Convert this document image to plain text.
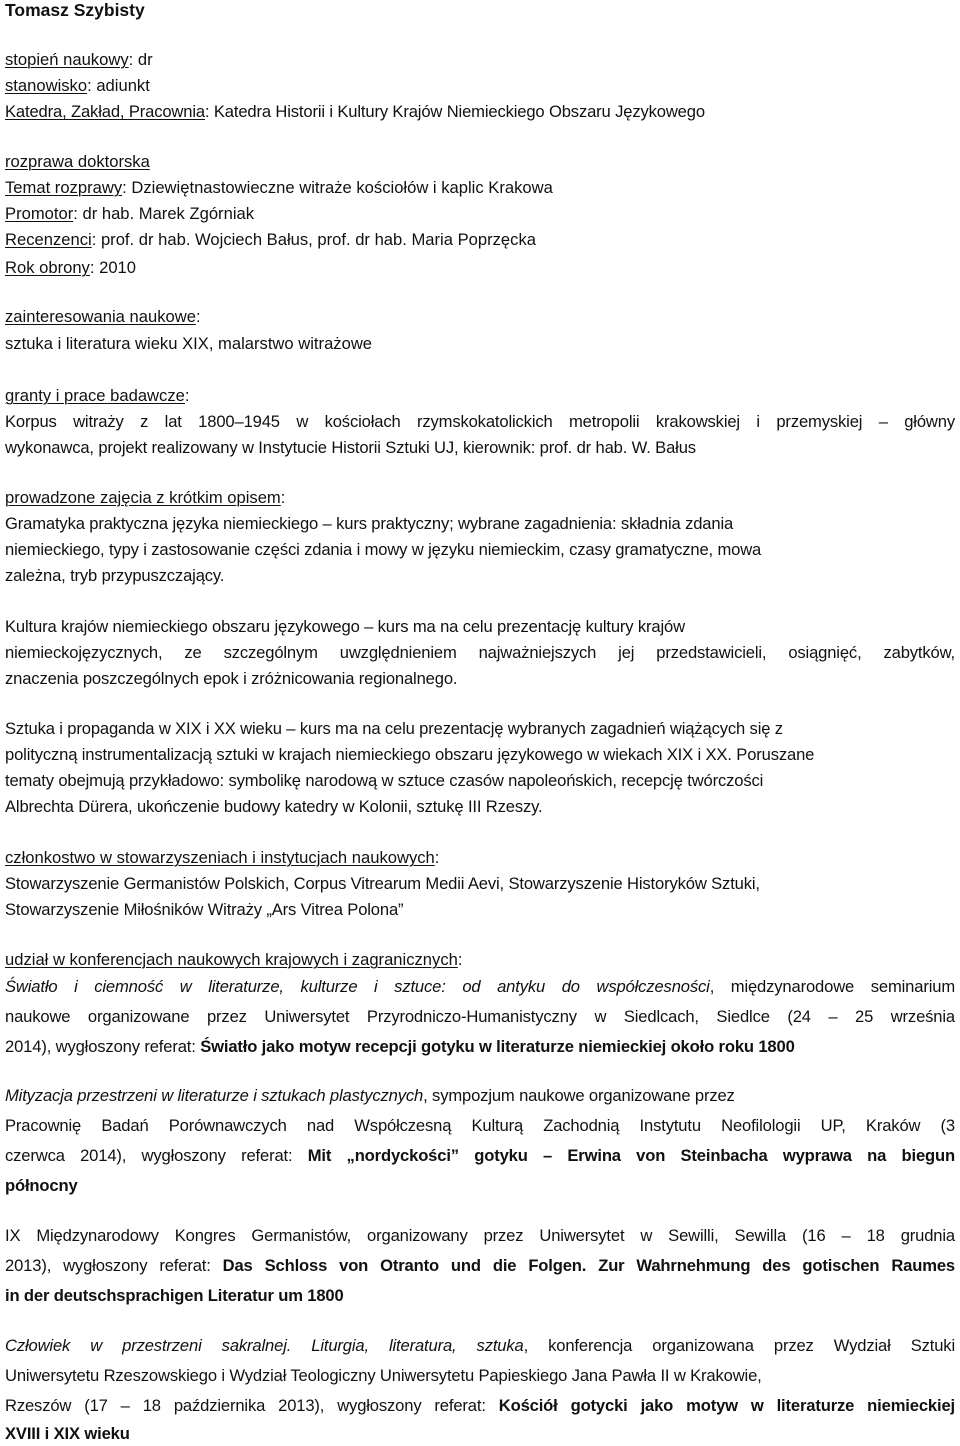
Tomasz Szybisty
stopień naukowy: dr
stanowisko: adiunkt
Katedra, Zakład, Pracownia: Katedra Historii i Kultury Krajów Niemieckiego Obszaru Językowego
rozprawa doktorska
Temat rozprawy: Dziewiętnastowieczne witraże kościołów i kaplic Krakowa
Promotor: dr hab. Marek Zgórniak
Recenzenci: prof. dr hab. Wojciech Bałus, prof. dr hab. Maria Poprzęcka
Rok obrony: 2010
zainteresowania naukowe:
sztuka i literatura wieku XIX, malarstwo witrażowe
granty i prace badawcze:
Korpus witraży z lat 1800–1945 w kościołach rzymskokatolickich metropolii krakowskiej i przemyskiej – główny
wykonawca, projekt realizowany w Instytucie Historii Sztuki UJ, kierownik: prof. dr hab. W. Bałus
prowadzone zajęcia z krótkim opisem:
Gramatyka praktyczna języka niemieckiego – kurs praktyczny; wybrane zagadnienia: składnia zdania
niemieckiego, typy i zastosowanie części zdania i mowy w języku niemieckim, czasy gramatyczne, mowa
zależna, tryb przypuszczający.
Kultura krajów niemieckiego obszaru językowego – kurs ma na celu prezentację kultury krajów
niemieckojęzycznych, ze szczególnym uwzględnieniem najważniejszych jej przedstawicieli, osiągnięć, zabytków,
znaczenia poszczególnych epok i zróżnicowania regionalnego.
Sztuka i propaganda w XIX i XX wieku – kurs ma na celu prezentację wybranych zagadnień wiążących się z
polityczną instrumentalizacją sztuki w krajach niemieckiego obszaru językowego w wiekach XIX i XX. Poruszane
tematy obejmują przykładowo: symbolikę narodową w sztuce czasów napoleońskich, recepcję twórczości
Albrechta Dürera, ukończenie budowy katedry w Kolonii, sztukę III Rzeszy.
członkostwo w stowarzyszeniach i instytucjach naukowych:
Stowarzyszenie Germanistów Polskich, Corpus Vitrearum Medii Aevi, Stowarzyszenie Historyków Sztuki,
Stowarzyszenie Miłośników Witraży „Ars Vitrea Polona”
udział w konferencjach naukowych krajowych i zagranicznych:
Światło i ciemność w literaturze, kulturze i sztuce: od antyku do współczesności, międzynarodowe seminarium
naukowe organizowane przez Uniwersytet Przyrodniczo-Humanistyczny w Siedlcach, Siedlce (24 – 25 września
2014), wygłoszony referat: Światło jako motyw recepcji gotyku w literaturze niemieckiej około roku 1800
Mityzacja przestrzeni w literaturze i sztukach plastycznych, sympozjum naukowe organizowane przez
Pracownię Badań Porównawczych nad Współczesną Kulturą Zachodnią Instytutu Neofilologii UP, Kraków (3
czerwca 2014), wygłoszony referat: Mit „nordyckości” gotyku – Erwina von Steinbacha wyprawa na biegun
północny
IX Międzynarodowy Kongres Germanistów, organizowany przez Uniwersytet w Sewilli, Sewilla (16 – 18 grudnia
2013), wygłoszony referat: Das Schloss von Otranto und die Folgen. Zur Wahrnehmung des gotischen Raumes
in der deutschsprachigen Literatur um 1800
Człowiek w przestrzeni sakralnej. Liturgia, literatura, sztuka, konferencja organizowana przez Wydział Sztuki
Uniwersytetu Rzeszowskiego i Wydział Teologiczny Uniwersytetu Papieskiego Jana Pawła II w Krakowie,
Rzeszów (17 – 18 października 2013), wygłoszony referat: Kościół gotycki jako motyw w literaturze niemieckiej
XVIII i XIX wieku
